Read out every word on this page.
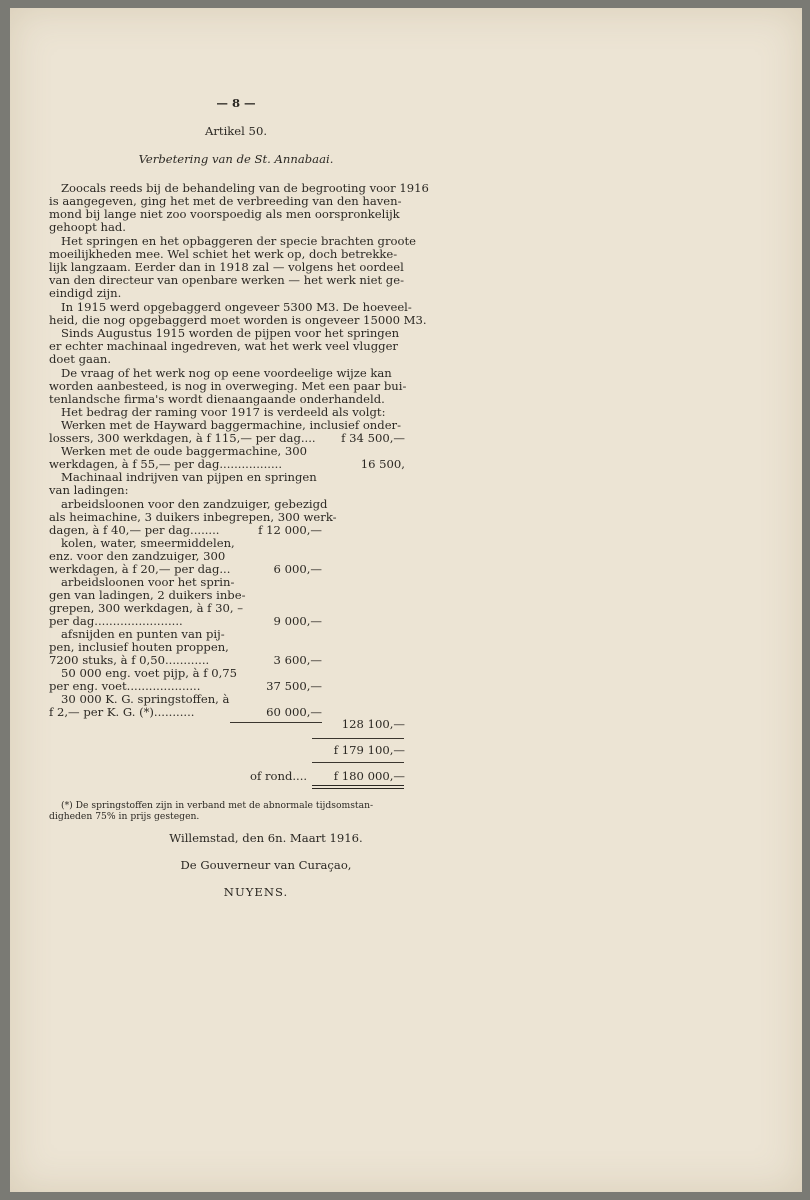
— 8 —
Artikel 50.
Verbetering van de St. Annabaai.
Zoocals reeds bij de behandeling van de begrooting voor 1916
is aangegeven, ging het met de verbreeding van den haven-
mond bij lange niet zoo voorspoedig als men oorspronkelijk
gehoopt had.
Het springen en het opbaggeren der specie brachten groote
moeilijkheden mee. Wel schiet het werk op, doch betrekke-
lijk langzaam. Eerder dan in 1918 zal — volgens het oordeel
van den directeur van openbare werken — het werk niet ge-
eindigd zijn.
In 1915 werd opgebaggerd ongeveer 5300 M3. De hoeveel-
heid, die nog opgebaggerd moet worden is ongeveer 15000 M3.
Sinds Augustus 1915 worden de pijpen voor het springen
er echter machinaal ingedreven, wat het werk veel vlugger
doet gaan.
De vraag of het werk nog op eene voordeelige wijze kan
worden aanbesteed, is nog in overweging. Met een paar bui-
tenlandsche firma's wordt dienaangaande onderhandeld.
Het bedrag der raming voor 1917 is verdeeld als volgt:
Werken met de Hayward baggermachine, inclusief onder-
lossers, 300 werkdagen, à f 115,— per dag....	f 34 500,—
Werken met de oude baggermachine, 300
werkdagen, à f 55,— per dag.................	16 500,
Machinaal indrijven van pijpen en springen
van ladingen:
arbeidsloonen voor den zandzuiger, gebezigd
als heimachine, 3 duikers inbegrepen, 300 werk-
dagen, à f 40,— per dag........	f 12 000,—
kolen, water, smeermiddelen,
enz. voor den zandzuiger, 300
werkdagen, à f 20,— per dag...	6 000,—
arbeidsloonen voor het sprin-
gen van ladingen, 2 duikers inbe-
grepen, 300 werkdagen, à f 30, –
per dag........................	9 000,—
afsnijden en punten van pij-
pen, inclusief houten proppen,
7200 stuks, à f 0,50............	3 600,—
50 000 eng. voet pijp, à f 0,75
per eng. voet....................	37 500,—
30 000 K. G. springstoffen, à
f 2,— per K. G. (*)...........	60 000,—
128 100,—
f 179 100,—
of rond....	f 180 000,—
(*) De springstoffen zijn in verband met de abnormale tijdsomstan-
digheden 75% in prijs gestegen.
Willemstad, den 6n. Maart 1916.
De Gouverneur van Curaçao,
NUYENS.
